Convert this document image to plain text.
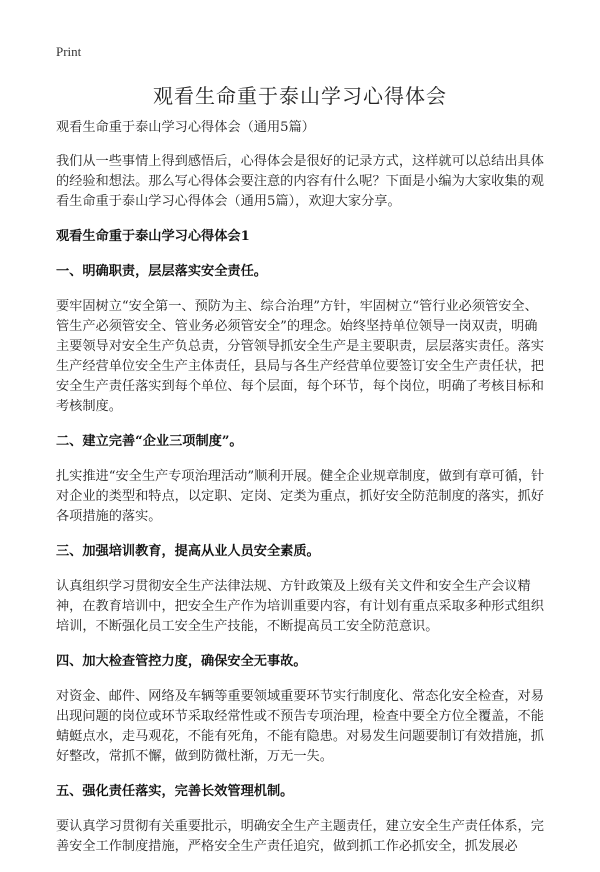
Print
观看生命重于泰山学习心得体会

观看生命重于泰山学习心得体会（通用5篇）

我们从一些事情上得到感悟后，心得体会是很好的记录方式，这样就可以总结出具体的经验和想法。那么写心得体会要注意的内容有什么呢？下面是小编为大家收集的观看生命重于泰山学习心得体会（通用5篇），欢迎大家分享。

观看生命重于泰山学习心得体会1

一、明确职责，层层落实安全责任。

要牢固树立“安全第一、预防为主、综合治理”方针，牢固树立“管行业必须管安全、管生产必须管安全、管业务必须管安全”的理念。始终坚持单位领导一岗双责，明确主要领导对安全生产负总责，分管领导抓安全生产是主要职责，层层落实责任。落实生产经营单位安全生产主体责任，县局与各生产经营单位要签订安全生产责任状，把安全生产责任落实到每个单位、每个层面，每个环节，每个岗位，明确了考核目标和考核制度。

二、建立完善“企业三项制度”。

扎实推进“安全生产专项治理活动”顺利开展。健全企业规章制度，做到有章可循，针对企业的类型和特点，以定职、定岗、定类为重点，抓好安全防范制度的落实，抓好各项措施的落实。

三、加强培训教育，提高从业人员安全素质。

认真组织学习贯彻安全生产法律法规、方针政策及上级有关文件和安全生产会议精神，在教育培训中，把安全生产作为培训重要内容，有计划有重点采取多种形式组织培训，不断强化员工安全生产技能，不断提高员工安全防范意识。

四、加大检查管控力度，确保安全无事故。

对资金、邮件、网络及车辆等重要领域重要环节实行制度化、常态化安全检查，对易出现问题的岗位或环节采取经常性或不预告专项治理，检查中要全方位全覆盖，不能蜻蜓点水，走马观花，不能有死角，不能有隐患。对易发生问题要制订有效措施，抓好整改，常抓不懈，做到防微杜渐，万无一失。

五、强化责任落实，完善长效管理机制。

要认真学习贯彻有关重要批示，明确安全生产主题责任，建立安全生产责任体系，完善安全工作制度措施，严格安全生产责任追究，做到抓工作必抓安全，抓发展必
